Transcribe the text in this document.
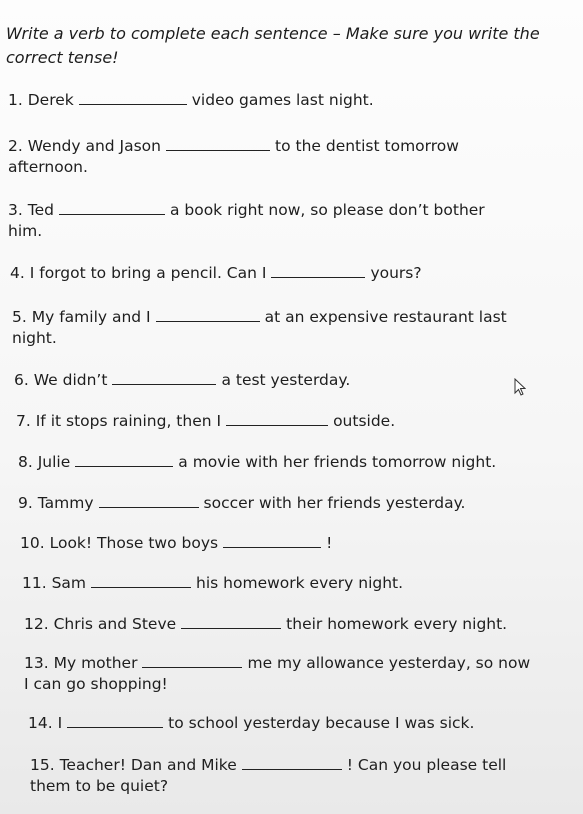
Write a verb to complete each sentence – Make sure you write the correct tense!
1. Derek	video games last night.
2. Wendy and Jason	to the dentist tomorrow
afternoon.
3. Ted	a book right now, so please don’t bother
him.
4. I forgot to bring a pencil. Can I	yours?
5. My family and I	at an expensive restaurant last
night.
6. We didn’t	a test yesterday.
7. If it stops raining, then I	outside.
8. Julie	a movie with her friends tomorrow night.
9. Tammy	soccer with her friends yesterday.
10. Look! Those two boys	!
11. Sam	his homework every night.
12. Chris and Steve	their homework every night.
13. My mother	me my allowance yesterday, so now
I can go shopping!
14. I	to school yesterday because I was sick.
15. Teacher! Dan and Mike	! Can you please tell
them to be quiet?
